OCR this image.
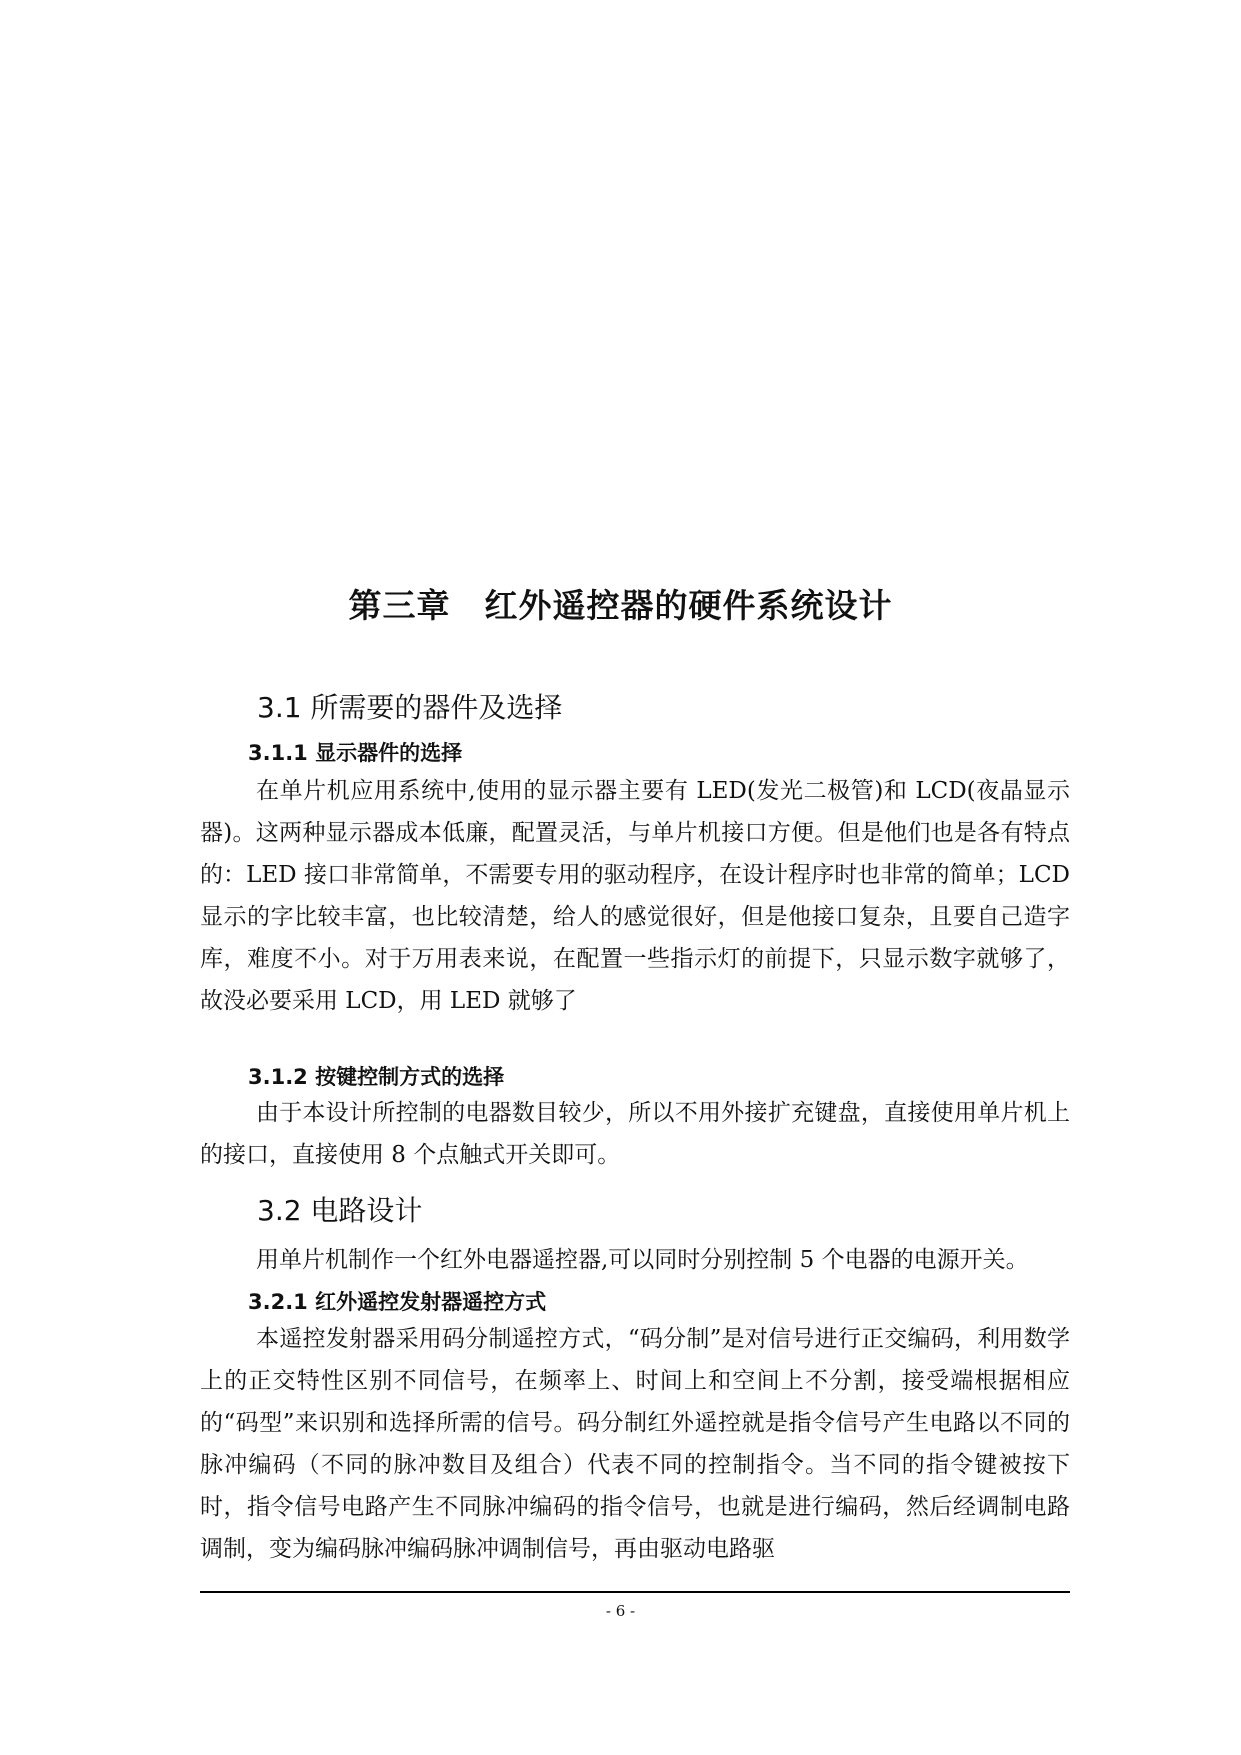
第三章　红外遥控器的硬件系统设计
3.1 所需要的器件及选择
3.1.1 显示器件的选择

在单片机应用系统中,使用的显示器主要有 LED(发光二极管)和 LCD(夜晶显示器)。这两种显示器成本低廉，配置灵活，与单片机接口方便。但是他们也是各有特点的：LED 接口非常简单，不需要专用的驱动程序，在设计程序时也非常的简单；LCD 显示的字比较丰富，也比较清楚，给人的感觉很好，但是他接口复杂，且要自己造字库，难度不小。对于万用表来说，在配置一些指示灯的前提下，只显示数字就够了，故没必要采用 LCD，用 LED 就够了

3.1.2 按键控制方式的选择

由于本设计所控制的电器数目较少，所以不用外接扩充键盘，直接使用单片机上的接口，直接使用 8 个点触式开关即可。

3.2 电路设计

用单片机制作一个红外电器遥控器,可以同时分别控制 5 个电器的电源开关。

3.2.1 红外遥控发射器遥控方式

本遥控发射器采用码分制遥控方式，“码分制”是对信号进行正交编码，利用数学上的正交特性区别不同信号，在频率上、时间上和空间上不分割，接受端根据相应的“码型”来识别和选择所需的信号。码分制红外遥控就是指令信号产生电路以不同的脉冲编码（不同的脉冲数目及组合）代表不同的控制指令。当不同的指令键被按下时，指令信号电路产生不同脉冲编码的指令信号，也就是进行编码，然后经调制电路调制，变为编码脉冲编码脉冲调制信号，再由驱动电路驱

- 6 -
